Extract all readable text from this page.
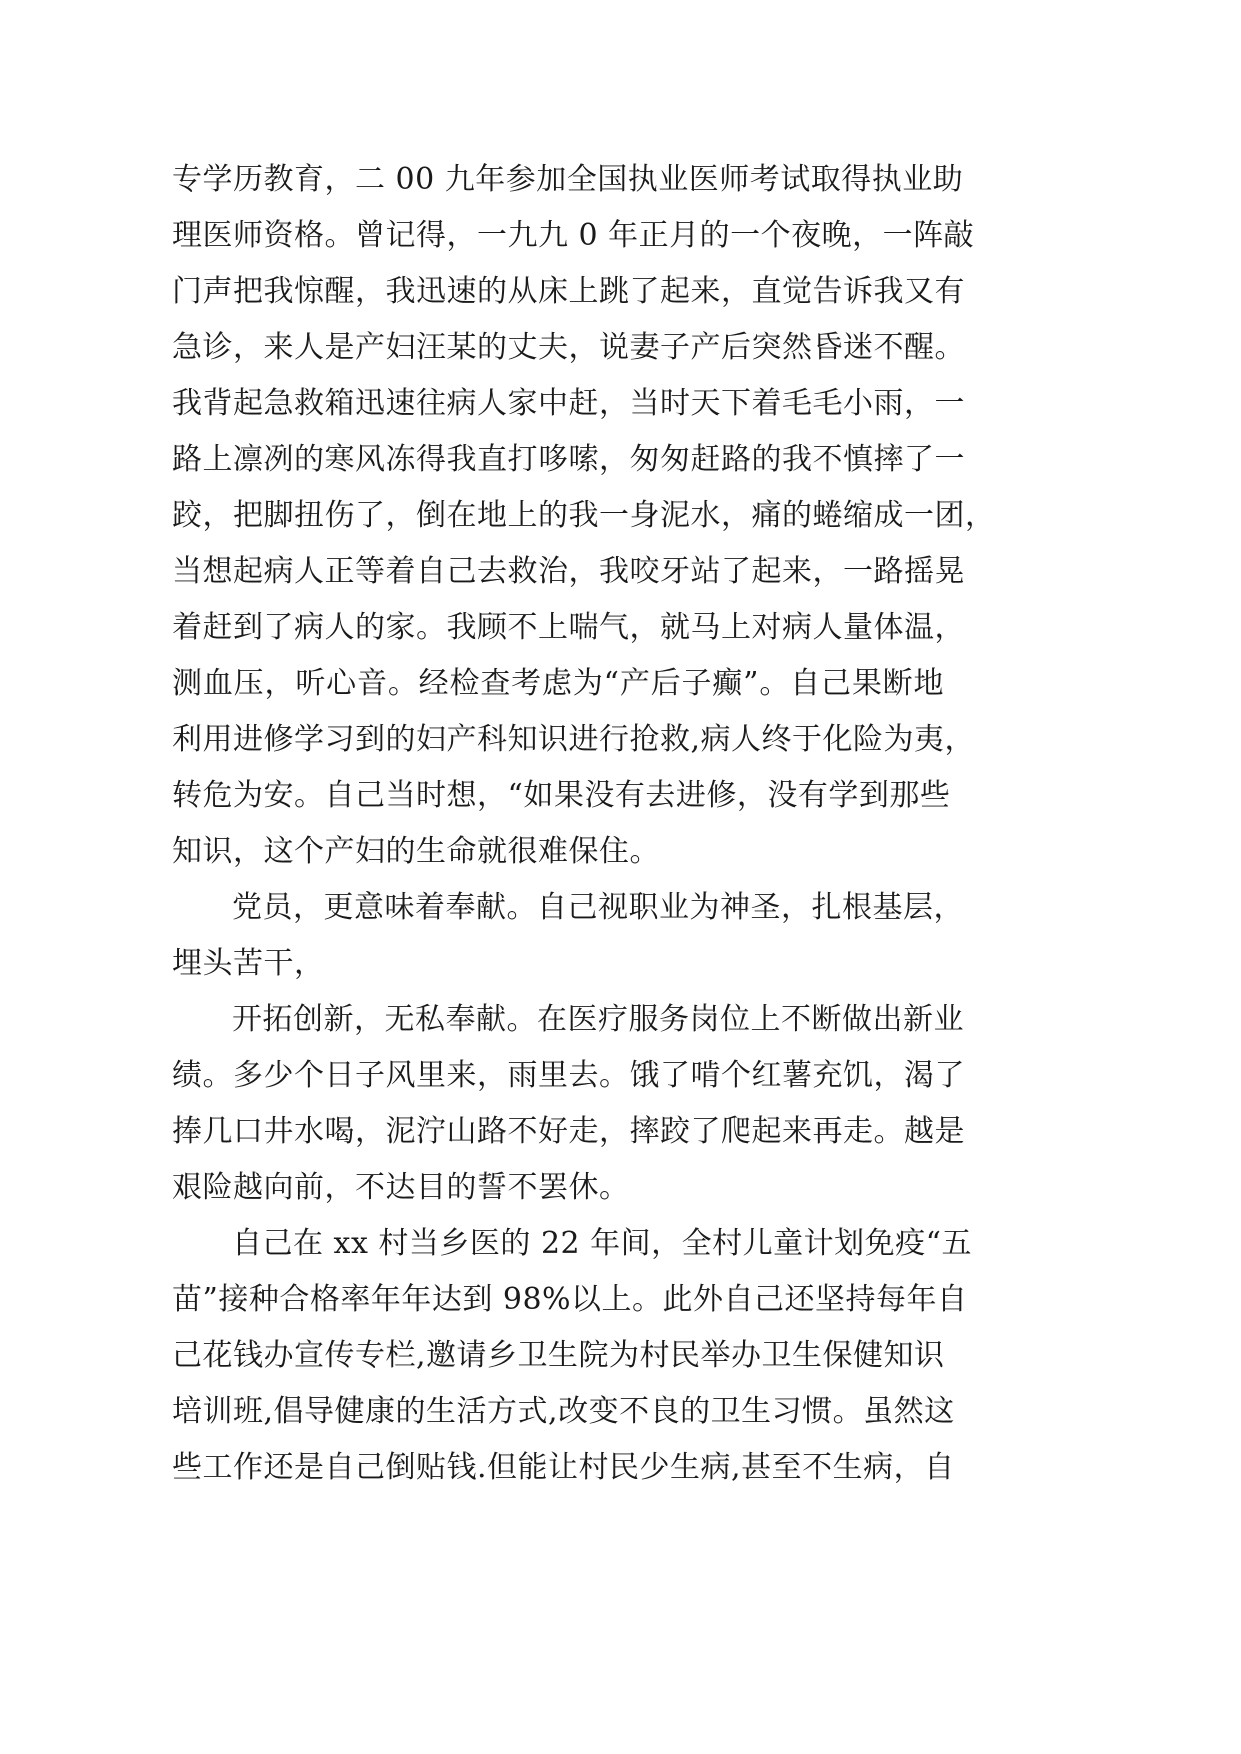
专学历教育，二 00 九年参加全国执业医师考试取得执业助
理医师资格。曾记得，一九九 0 年正月的一个夜晚，一阵敲
门声把我惊醒，我迅速的从床上跳了起来，直觉告诉我又有
急诊，来人是产妇汪某的丈夫，说妻子产后突然昏迷不醒。
我背起急救箱迅速往病人家中赶，当时天下着毛毛小雨，一
路上凛冽的寒风冻得我直打哆嗦，匆匆赶路的我不慎摔了一
跤，把脚扭伤了，倒在地上的我一身泥水，痛的蜷缩成一团，
当想起病人正等着自己去救治，我咬牙站了起来，一路摇晃
着赶到了病人的家。我顾不上喘气，就马上对病人量体温，
测血压，听心音。经检查考虑为“产后子癫”。自己果断地
利用进修学习到的妇产科知识进行抢救,病人终于化险为夷，
转危为安。自己当时想，“如果没有去进修，没有学到那些
知识，这个产妇的生命就很难保住。
党员，更意味着奉献。自己视职业为神圣，扎根基层，
埋头苦干，
开拓创新，无私奉献。在医疗服务岗位上不断做出新业
绩。多少个日子风里来，雨里去。饿了啃个红薯充饥，渴了
捧几口井水喝，泥泞山路不好走，摔跤了爬起来再走。越是
艰险越向前，不达目的誓不罢休。
自己在 xx 村当乡医的 22 年间，全村儿童计划免疫“五
苗”接种合格率年年达到 98%以上。此外自己还坚持每年自
己花钱办宣传专栏,邀请乡卫生院为村民举办卫生保健知识
培训班,倡导健康的生活方式,改变不良的卫生习惯。虽然这
些工作还是自己倒贴钱.但能让村民少生病,甚至不生病，自
